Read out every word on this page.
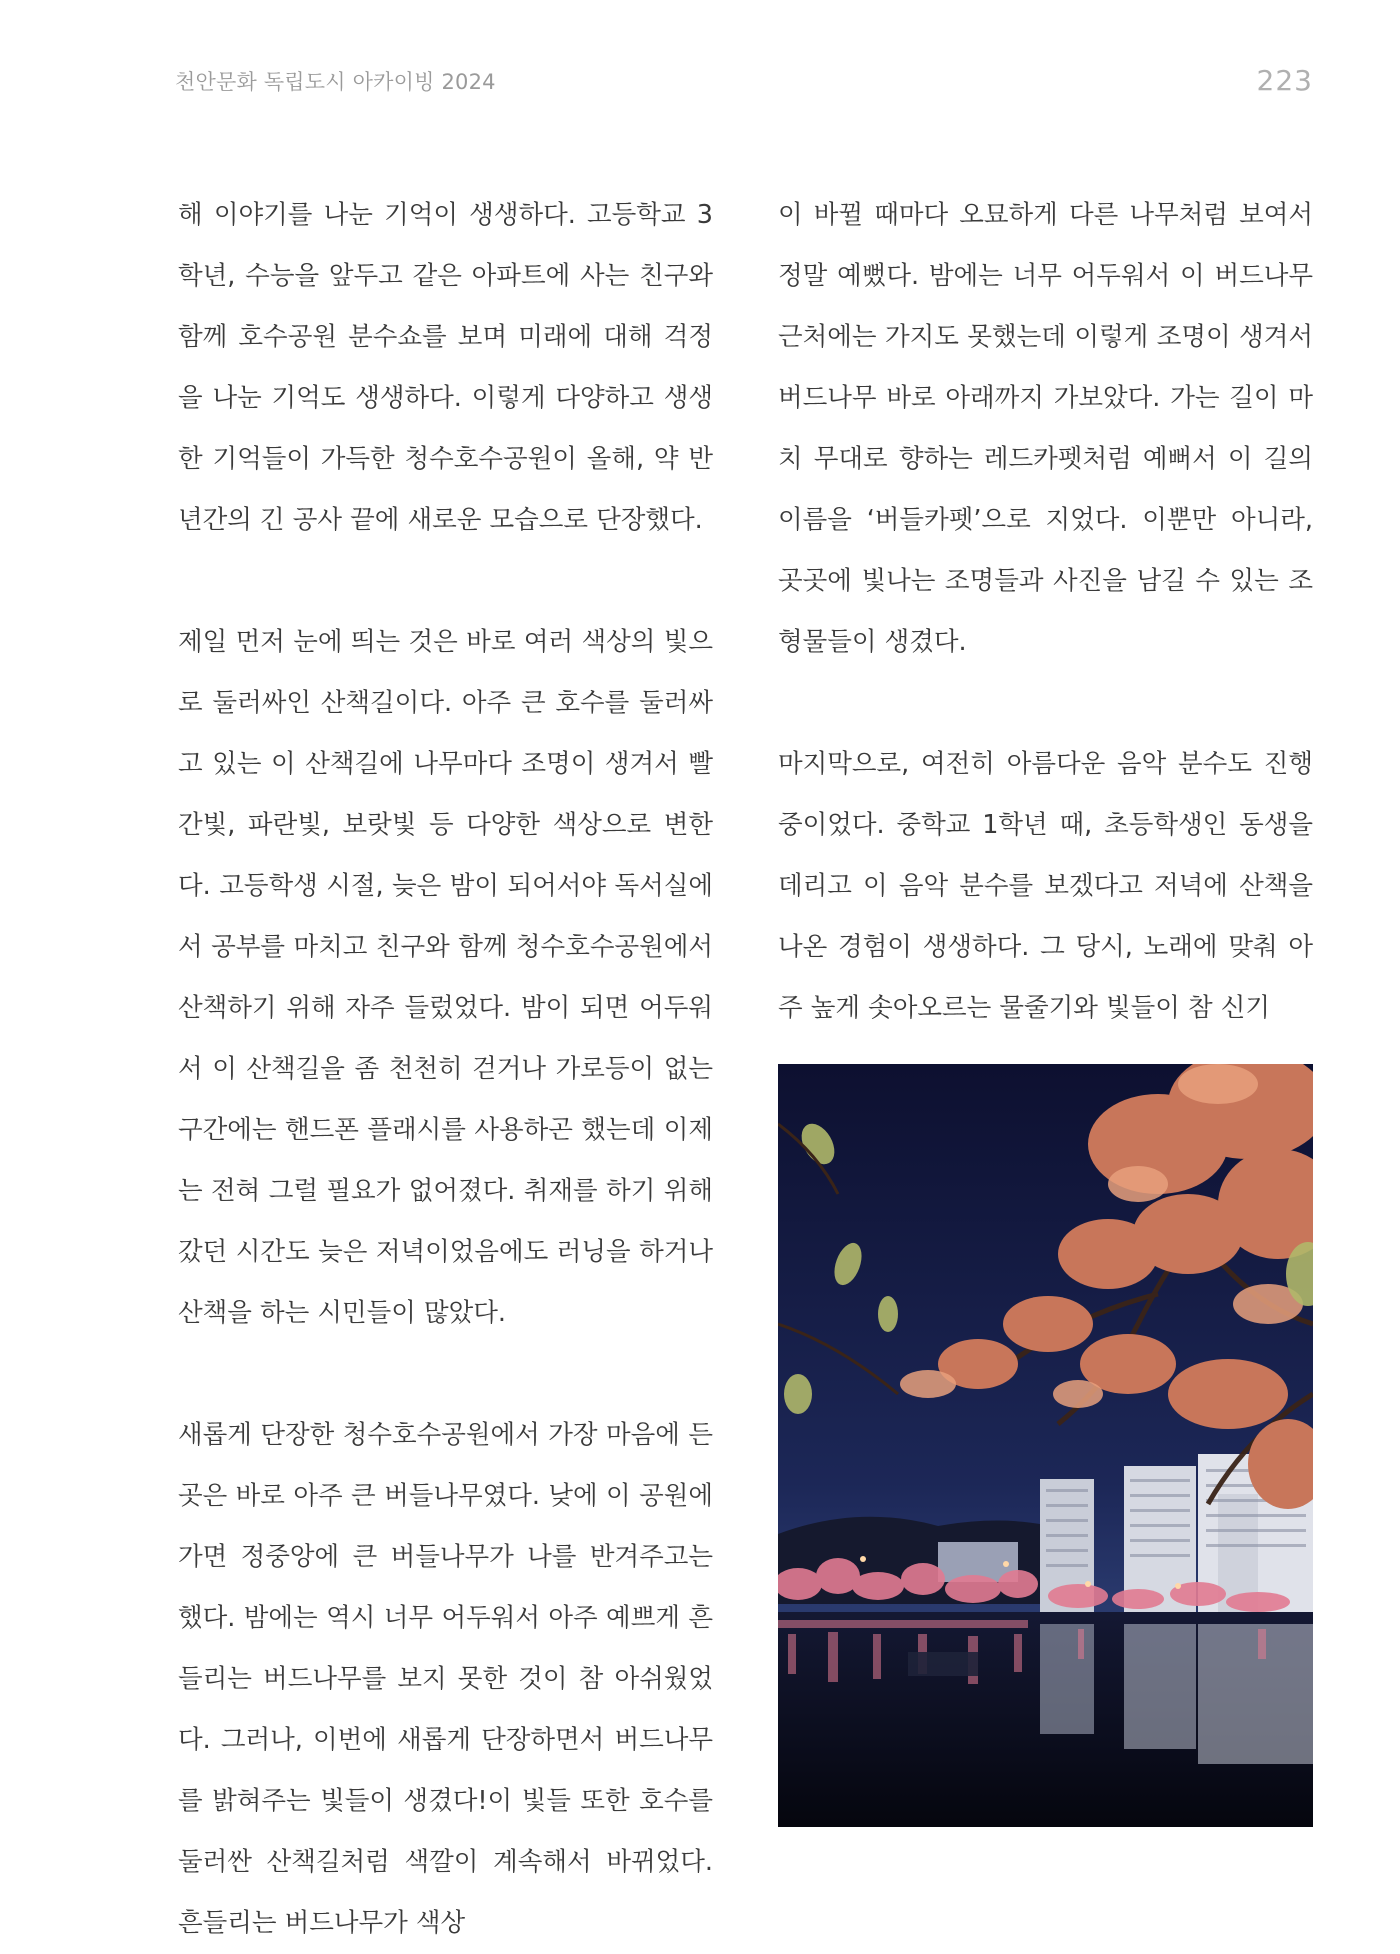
천안문화 독립도시 아카이빙 2024	223

해 이야기를 나눈 기억이 생생하다. 고등학교 3학년, 수능을 앞두고 같은 아파트에 사는 친구와 함께 호수공원 분수쇼를 보며 미래에 대해 걱정을 나눈 기억도 생생하다. 이렇게 다양하고 생생한 기억들이 가득한 청수호수공원이 올해, 약 반년간의 긴 공사 끝에 새로운 모습으로 단장했다.

제일 먼저 눈에 띄는 것은 바로 여러 색상의 빛으로 둘러싸인 산책길이다. 아주 큰 호수를 둘러싸고 있는 이 산책길에 나무마다 조명이 생겨서 빨간빛, 파란빛, 보랏빛 등 다양한 색상으로 변한다. 고등학생 시절, 늦은 밤이 되어서야 독서실에서 공부를 마치고 친구와 함께 청수호수공원에서 산책하기 위해 자주 들렀었다. 밤이 되면 어두워서 이 산책길을 좀 천천히 걷거나 가로등이 없는 구간에는 핸드폰 플래시를 사용하곤 했는데 이제는 전혀 그럴 필요가 없어졌다. 취재를 하기 위해 갔던 시간도 늦은 저녁이었음에도 러닝을 하거나 산책을 하는 시민들이 많았다.

새롭게 단장한 청수호수공원에서 가장 마음에 든 곳은 바로 아주 큰 버들나무였다. 낮에 이 공원에 가면 정중앙에 큰 버들나무가 나를 반겨주고는 했다. 밤에는 역시 너무 어두워서 아주 예쁘게 흔들리는 버드나무를 보지 못한 것이 참 아쉬웠었다. 그러나, 이번에 새롭게 단장하면서 버드나무를 밝혀주는 빛들이 생겼다!이 빛들 또한 호수를 둘러싼 산책길처럼 색깔이 계속해서 바뀌었다. 흔들리는 버드나무가 색상

이 바뀔 때마다 오묘하게 다른 나무처럼 보여서 정말 예뻤다. 밤에는 너무 어두워서 이 버드나무 근처에는 가지도 못했는데 이렇게 조명이 생겨서 버드나무 바로 아래까지 가보았다. 가는 길이 마치 무대로 향하는 레드카펫처럼 예뻐서 이 길의 이름을 ‘버들카펫’으로 지었다. 이뿐만 아니라, 곳곳에 빛나는 조명들과 사진을 남길 수 있는 조형물들이 생겼다.

마지막으로, 여전히 아름다운 음악 분수도 진행중이었다. 중학교 1학년 때, 초등학생인 동생을 데리고 이 음악 분수를 보겠다고 저녁에 산책을 나온 경험이 생생하다. 그 당시, 노래에 맞춰 아주 높게 솟아오르는 물줄기와 빛들이 참 신기
